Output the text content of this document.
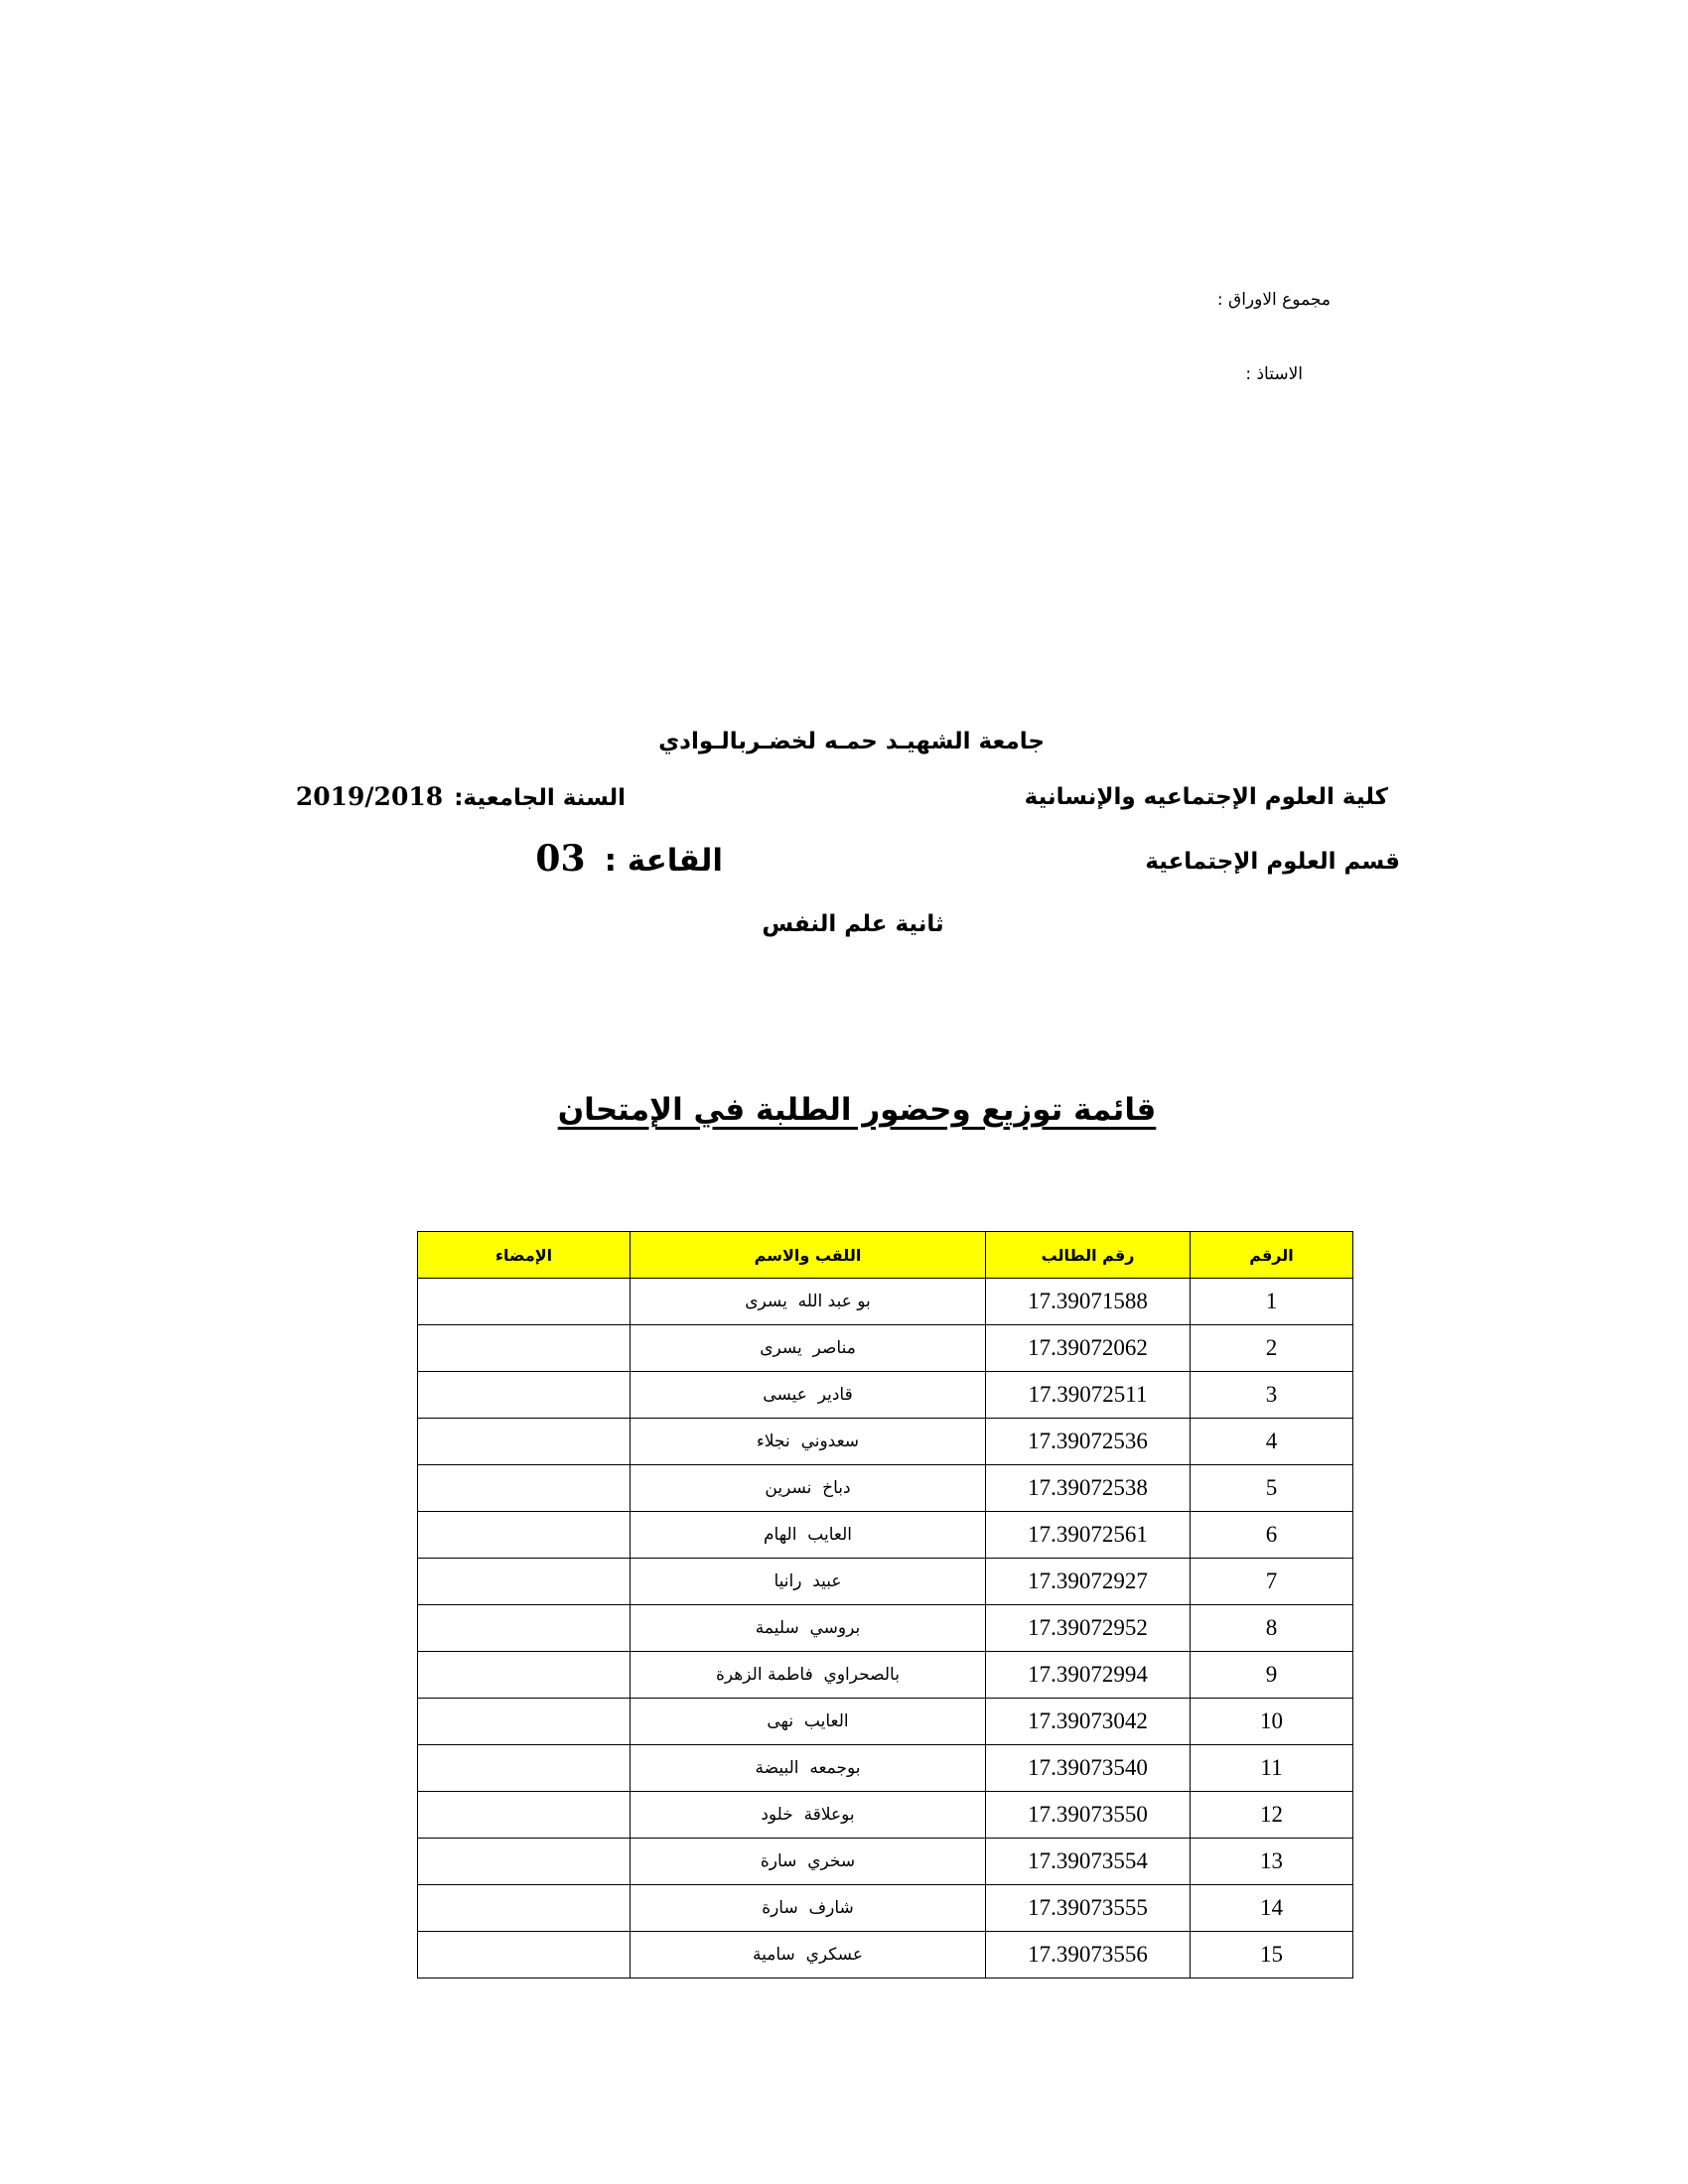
مجموع الاوراق :
الاستاذ :
جامعة الشهيـد حمـه لخضـربالـوادي
كلية العلوم الإجتماعيه والإنسانية
السنة الجامعية: 2019/2018
قسم العلوم الإجتماعية
القاعة : 03
ثانية علم النفس
قائمة توزيع وحضور الطلبة في الإمتحان
الرقم	رقم الطالب	اللقب والاسم	الإمضاء
1	17.39071588	بو عبد الله  يسرى	
2	17.39072062	مناصر  يسرى	
3	17.39072511	قادير  عيسى	
4	17.39072536	سعدوني  نجلاء	
5	17.39072538	دباخ  نسرين	
6	17.39072561	العايب  الهام	
7	17.39072927	عبيد  رانيا	
8	17.39072952	بروسي  سليمة	
9	17.39072994	بالصحراوي  فاطمة الزهرة	
10	17.39073042	العايب  نهى	
11	17.39073540	بوجمعه  البيضة	
12	17.39073550	بوعلاقة  خلود	
13	17.39073554	سخري  سارة	
14	17.39073555	شارف  سارة	
15	17.39073556	عسكري  سامية	
